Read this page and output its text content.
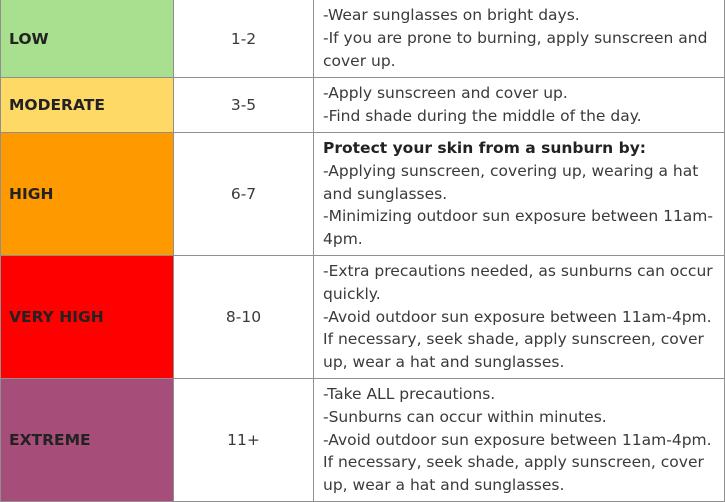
LOW	1-2	-Wear sunglasses on bright days.

-If you are prone to burning, apply sunscreen and cover up.

MODERATE	3-5	-Apply sunscreen and cover up.

-Find shade during the middle of the day.

HIGH	6-7	Protect your skin from a sunburn by:

-Applying sunscreen, covering up, wearing a hat and sunglasses.

-Minimizing outdoor sun exposure between 11am-4pm.

VERY HIGH	8-10	-Extra precautions needed, as sunburns can occur quickly.

-Avoid outdoor sun exposure between 11am-4pm. If necessary, seek shade, apply sunscreen, cover up, wear a hat and sunglasses.

EXTREME	11+	-Take ALL precautions.

-Sunburns can occur within minutes.

-Avoid outdoor sun exposure between 11am-4pm. If necessary, seek shade, apply sunscreen, cover up, wear a hat and sunglasses.
